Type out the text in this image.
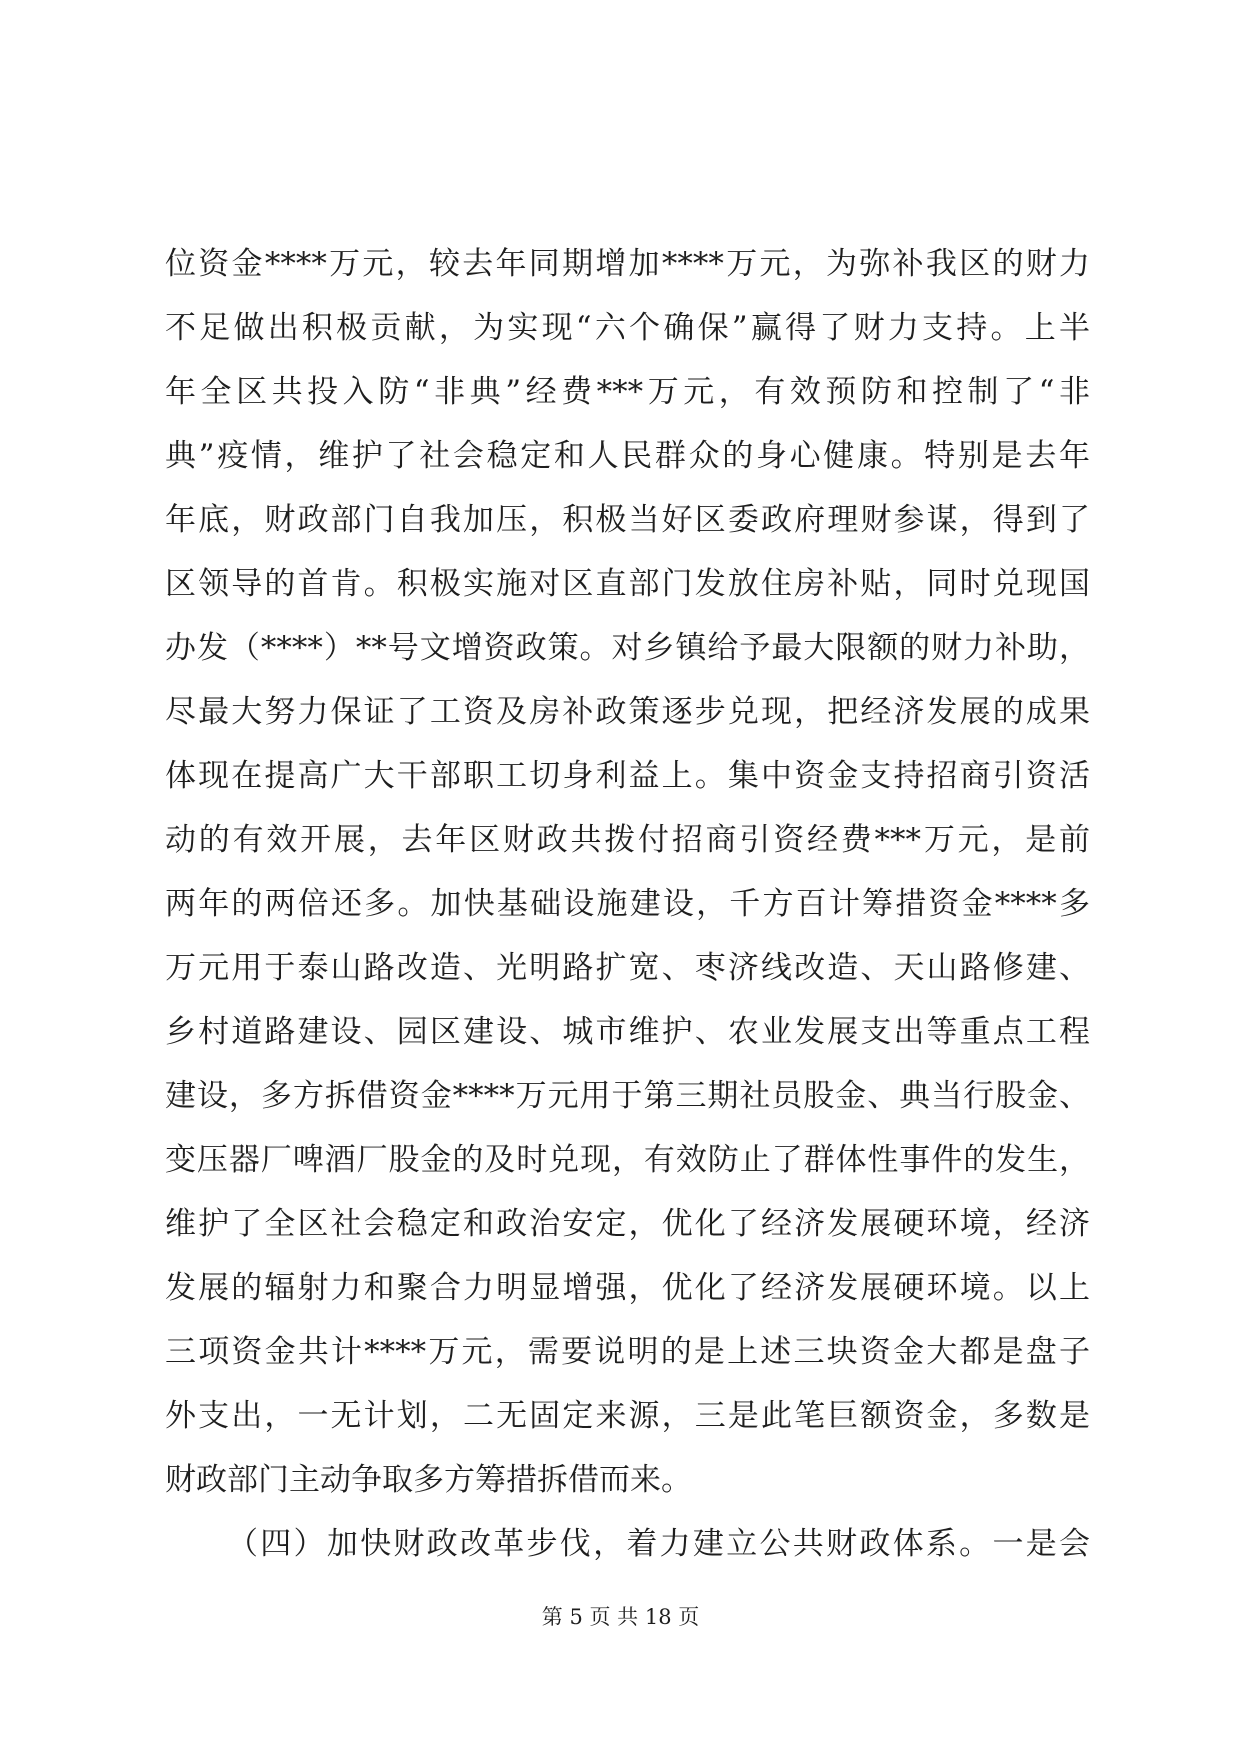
位资金****万元，较去年同期增加****万元，为弥补我区的财力
不足做出积极贡献，为实现“六个确保”赢得了财力支持。上半
年全区共投入防“非典”经费***万元，有效预防和控制了“非
典”疫情，维护了社会稳定和人民群众的身心健康。特别是去年
年底，财政部门自我加压，积极当好区委政府理财参谋，得到了
区领导的首肯。积极实施对区直部门发放住房补贴，同时兑现国
办发（****）**号文增资政策。对乡镇给予最大限额的财力补助，
尽最大努力保证了工资及房补政策逐步兑现，把经济发展的成果
体现在提高广大干部职工切身利益上。集中资金支持招商引资活
动的有效开展，去年区财政共拨付招商引资经费***万元，是前
两年的两倍还多。加快基础设施建设，千方百计筹措资金****多
万元用于泰山路改造、光明路扩宽、枣济线改造、天山路修建、
乡村道路建设、园区建设、城市维护、农业发展支出等重点工程
建设，多方拆借资金****万元用于第三期社员股金、典当行股金、
变压器厂啤酒厂股金的及时兑现，有效防止了群体性事件的发生，
维护了全区社会稳定和政治安定，优化了经济发展硬环境，经济
发展的辐射力和聚合力明显增强，优化了经济发展硬环境。以上
三项资金共计****万元，需要说明的是上述三块资金大都是盘子
外支出，一无计划，二无固定来源，三是此笔巨额资金，多数是
财政部门主动争取多方筹措拆借而来。
（四）加快财政改革步伐，着力建立公共财政体系。一是会
第 5 页 共 18 页
